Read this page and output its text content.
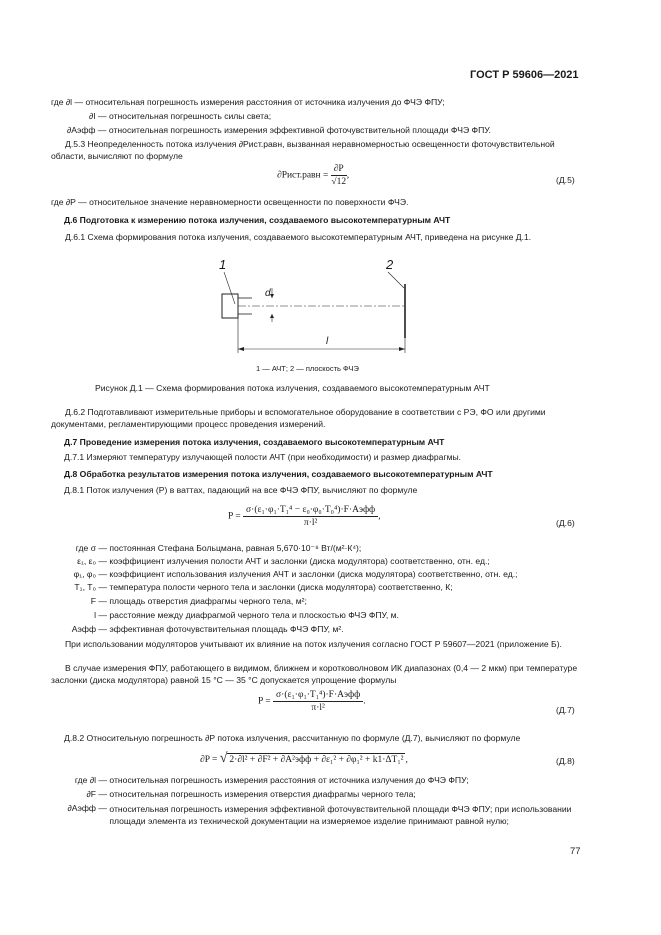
ГОСТ Р 59606—2021
где ∂l — относительная погрешность измерения расстояния от источника излучения до ФЧЭ ФПУ;
∂I — относительная погрешность силы света;
∂Aэфф — относительная погрешность измерения эффективной фоточувствительной площади ФЧЭ ФПУ.
Д.5.3 Неопределенность потока излучения ∂Pист.равн, вызванная неравномерностью освещенности фоточувствительной области, вычисляют по формуле
∂Pист.равн = $\frac{\partial P}{√12}$ ,	(Д.5)
где ∂P — относительное значение неравномерности освещенности по поверхности ФЧЭ.
Д.6 Подготовка к измерению потока излучения, создаваемого высокотемпературным АЧТ
Д.6.1 Схема формирования потока излучения, создаваемого высокотемпературным АЧТ, приведена на рисунке Д.1.
1	2
d
l
1 — АЧТ; 2 — плоскость ФЧЭ
Рисунок Д.1 — Схема формирования потока излучения, создаваемого высокотемпературным АЧТ
Д.6.2 Подготавливают измерительные приборы и вспомогательное оборудование в соответствии с РЭ, ФО или другими документами, регламентирующими процесс проведения измерений.
Д.7 Проведение измерения потока излучения, создаваемого высокотемпературным АЧТ
Д.7.1 Измеряют температуру излучающей полости АЧТ (при необходимости) и размер диафрагмы.
Д.8 Обработка результатов измерения потока излучения, создаваемого высокотемпературным АЧТ
Д.8.1 Поток излучения (P) в ваттах, падающий на все ФЧЭ ФПУ, вычисляют по формуле
$P = \frac{\text{σ·(ε₁·φ₁·T₁⁴ − ε₀·φ₀·T₀⁴)·F·Aэфф}}{\text{π·l²}}$ ,
(Д.6)
где σ — постоянная Стефана Больцмана, равная 5,670·10⁻⁸ Вт/(м²·К⁴);
ε₁, ε₀ — коэффициент излучения полости АЧТ и заслонки (диска модулятора) соответственно, отн. ед.;
φ₁, φ₀ — коэффициент использования излучения АЧТ и заслонки (диска модулятора) соответственно, отн. ед.;
T₁, T₀ — температура полости черного тела и заслонки (диска модулятора) соответственно, К;
F — площадь отверстия диафрагмы черного тела, м²;
l — расстояние между диафрагмой черного тела и плоскостью ФЧЭ ФПУ, м.
Aэфф — эффективная фоточувствительная площадь ФЧЭ ФПУ, м².
При использовании модуляторов учитывают их влияние на поток излучения согласно ГОСТ Р 59607—2021 (приложение Б).
В случае измерения ФПУ, работающего в видимом, ближнем и коротковолновом ИК диапазонах (0,4 — 2 мкм) при температуре заслонки (диска модулятора) равной 15 °С — 35 °С допускается упрощение формулы
$P = \frac{\text{σ·(ε₁·φ₁·T₁⁴)·F·Aэфф}}{\text{π·l²}}$ .
(Д.7)
Д.8.2 Относительную погрешность ∂P потока излучения, рассчитанную по формуле (Д.7), вычисляют по формуле
∂P = √ 2·∂l² + ∂F² + ∂A²эфф + ∂ε₁² + ∂φ₁² + k1·ΔT₁² ,	(Д.8)
где ∂l — относительная погрешность измерения расстояния от источника излучения до ФЧЭ ФПУ;
∂F — относительная погрешность измерения отверстия диафрагмы черного тела;
∂Aэфф — относительная погрешность измерения эффективной фоточувствительной площади ФЧЭ ФПУ; при использовании площади элемента из технической документации на измеряемое изделие принимают равной нулю;
77
